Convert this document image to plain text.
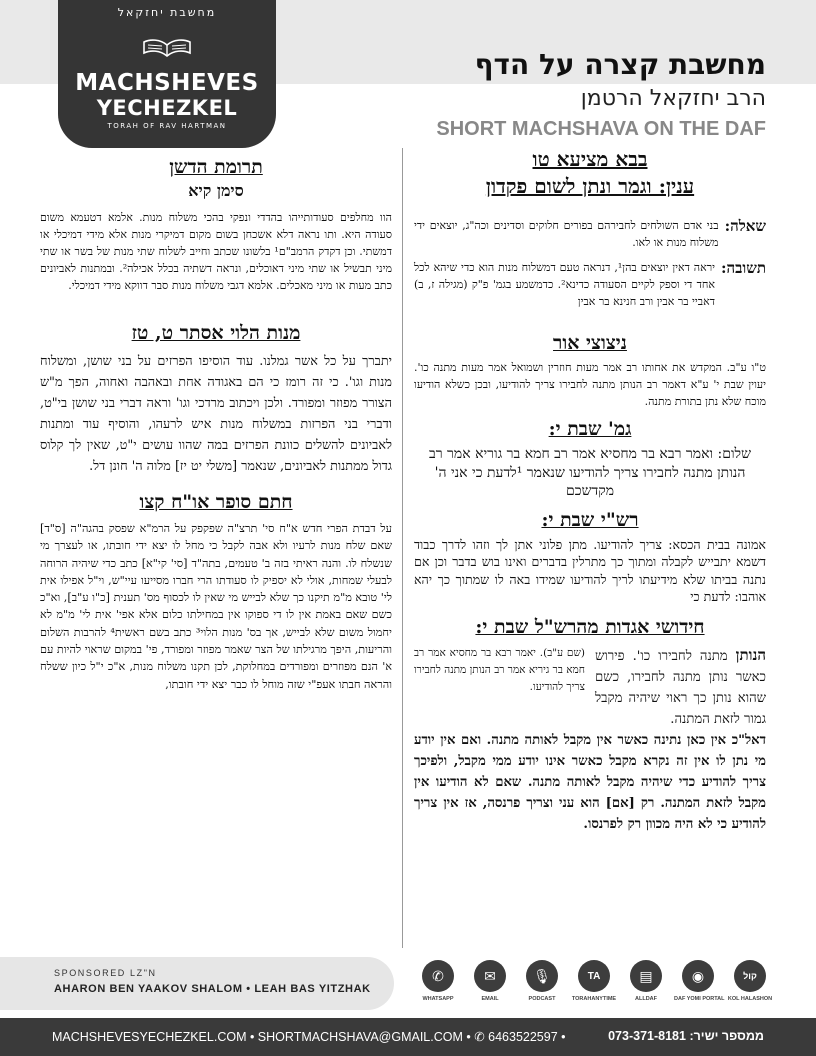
מחשבת יחזקאל
MACHSHEVES
YECHEZKEL
TORAH OF RAV HARTMAN
מחשבת קצרה על הדף
הרב יחזקאל הרטמן
SHORT MACHSHAVA ON THE DAF
בבא מציעא טו
ענין: וגמר ונתן לשום פקדון
שאלה:
בני אדם השולחים לחבירהם בפורים חלוקים וסדינים וכה"ג, יוצאים ידי משלוח מנות או לאו.
תשובה:
יראה דאין יוצאים בהן¹, דנראה טעם דמשלוח מנות הוא כדי שיהא לכל אחד די וספק לקיים הסעודה כדינא². כדמשמע בגמ' פ"ק (מגילה ז, ב) דאביי בר אבין ורב חנינא בר אבין
ניצוצי אור

ט"ו ע"ב. המקדש את אחותו רב אמר מעות חוזרין ושמואל אמר מעות מתנה כו'. יעוין שבת י' ע"א דאמר רב הנותן מתנה לחבירו צריך להודיעו, ובכן כשלא הודיעו מוכח שלא נתן בתורת מתנה.

גמ' שבת י:

שלום: ואמר רבא בר מחסיא אמר רב חמא בר גוריא אמר רב הנותן מתנה לחבירו צריך להודיעו שנאמר ¹לדעת כי אני ה' מקדשכם

רש"י שבת י:

אמונה בבית הכסא: צריך להודיעו. מתן פלוני אתן לך וזהו לדרך כבוד דשמא יתבייש לקבלה ומתוך כך מתרלין בדברים ואינו בוש בדבר וכן אם נתנה בביתו שלא מידיעתו לריך להודיעו שמידו באה לו שמתוך כך יהא אוהבו: לדעת כי

חידושי אגדות מהרש"ל שבת י:

הנותן מתנה לחבירו כו'. פירוש כאשר נותן מתנה לחבירו, כשם שהוא נותן כך ראוי שיהיה מקבל גמור לזאת המתנה.

(שם ע"ב). יאמר רבא בר מחסיא אמר רב חמא בר גיריא אמר רב הנותן מתנה לחבירו צריך להודיעו.

דאל"כ אין כאן נתינה כאשר אין מקבל לאותה מתנה. ואם אין יודע מי נתן לו אין זה נקרא מקבל כאשר אינו יודע ממי מקבל, ולפיכך צריך להודיע כדי שיהיה מקבל לאותה מתנה. שאם לא הודיעו אין מקבל לזאת המתנה. רק [אם] הוא עני וצריך פרנסה, אז אין צריך להודיע כי לא היה מכוון רק לפרנסו.

תרומת הדשן
סימן קיא

הוו מחלפים סעודותייהו בהדדי ונפקי בהכי משלוח מנות. אלמא דטעמא משום סעודה היא. ותו נראה דלא אשכחן בשום מקום דמיקרי מנות אלא מידי דמיכלי או דמשתי. וכן דקדק הרמב"ם¹ בלשונו שכתב וחייב לשלוח שתי מנות של בשר או שתי מיני תבשיל או שתי מיני דאוכלים, ונראה דשתיה בכלל אכילה². ובמתנות לאביונים כתב מעות או מיני מאכלים. אלמא דגבי משלוח מנות סבר דווקא מידי דמיכלי.

מנות הלוי אסתר ט, טז

יתברך על כל אשר גמלנו. עוד הוסיפו הפרזים על בני שושן, ומשלוח מנות וגו'. כי זה רומז כי הם באגודה אחת ובאהבה ואחוה, הפך מ"ש הצורר מפוזר ומפורד. ולכן ויכתוב מרדכי וגו' וראה דברי בני שושן בי"ט, ודברי בני הפרזות במשלוח מנות איש לרעהו, והוסיף עוד ומתנות לאביונים להשלים כוונת הפרזים במה שהוו עושים י"ט, שאין לך קלוס גדול ממתנות לאביונים, שנאמר [משלי יט יז] מלוה ה' חונן דל.

חתם סופר או"ח קצו

על דבדת הפרי חדש א"ח סי' תרצ"ה שפקפק על הרמ"א שפסק בהגה"ה [ס"ד] שאם שלח מנות לרעיו ולא אבה לקבל כי מחל לו יצא ידי חובתו, או לעצרך מי שנשלח לו. והנה ראיתי בזה ב' טעמים, בתה"ד [סי' קי"א] כתב כדי שיהיה הרוחה לבעלי שמחות, אולי לא יספיק לו סעודתו הרי חברו מסייעו עיי"ש, וי"ל אפילו אית לי' טובא מ"מ תיקנו כך שלא לבייש מי שאין לו לכסוף מס' תענית [כ"ו ע"ב], וא"כ כשם שאם באמת אין לו די ספוקו אין במחילתו כלום אלא אפי' אית לי' מ"מ לא יחמול משום שלא לבייש, אך בס' מנות הלוי³ כתב בשם ראשית⁴ להרבות השלום והריעות, היפך מרגילתו של הצר שאמר מפוזר ומפורד, פי' במקום שראוי להיות עם א' הנם מפוזרים ומפורדים במחלוקת, לכן תקנו משלוח מנות, א"כ י"ל כיון ששלח והראה חבתו אעפ"י שזה מוחל לו כבר יצא ידי חובתו,

SPONSORED LZ"N
AHARON BEN YAAKOV SHALOM • LEAH BAS YITZHAK
✆
WHATSAPP
✉
EMAIL
🎙
PODCAST
TA
TORAHANYTIME
▤
ALLDAF
◉
DAF YOMI PORTAL
קול
KOL HALASHON
MACHSHEVESYECHEZKEL.COM • SHORTMACHSHAVA@GMAIL.COM • ✆ 6463522597 •	ממספר ישיר: 073-371-8181
